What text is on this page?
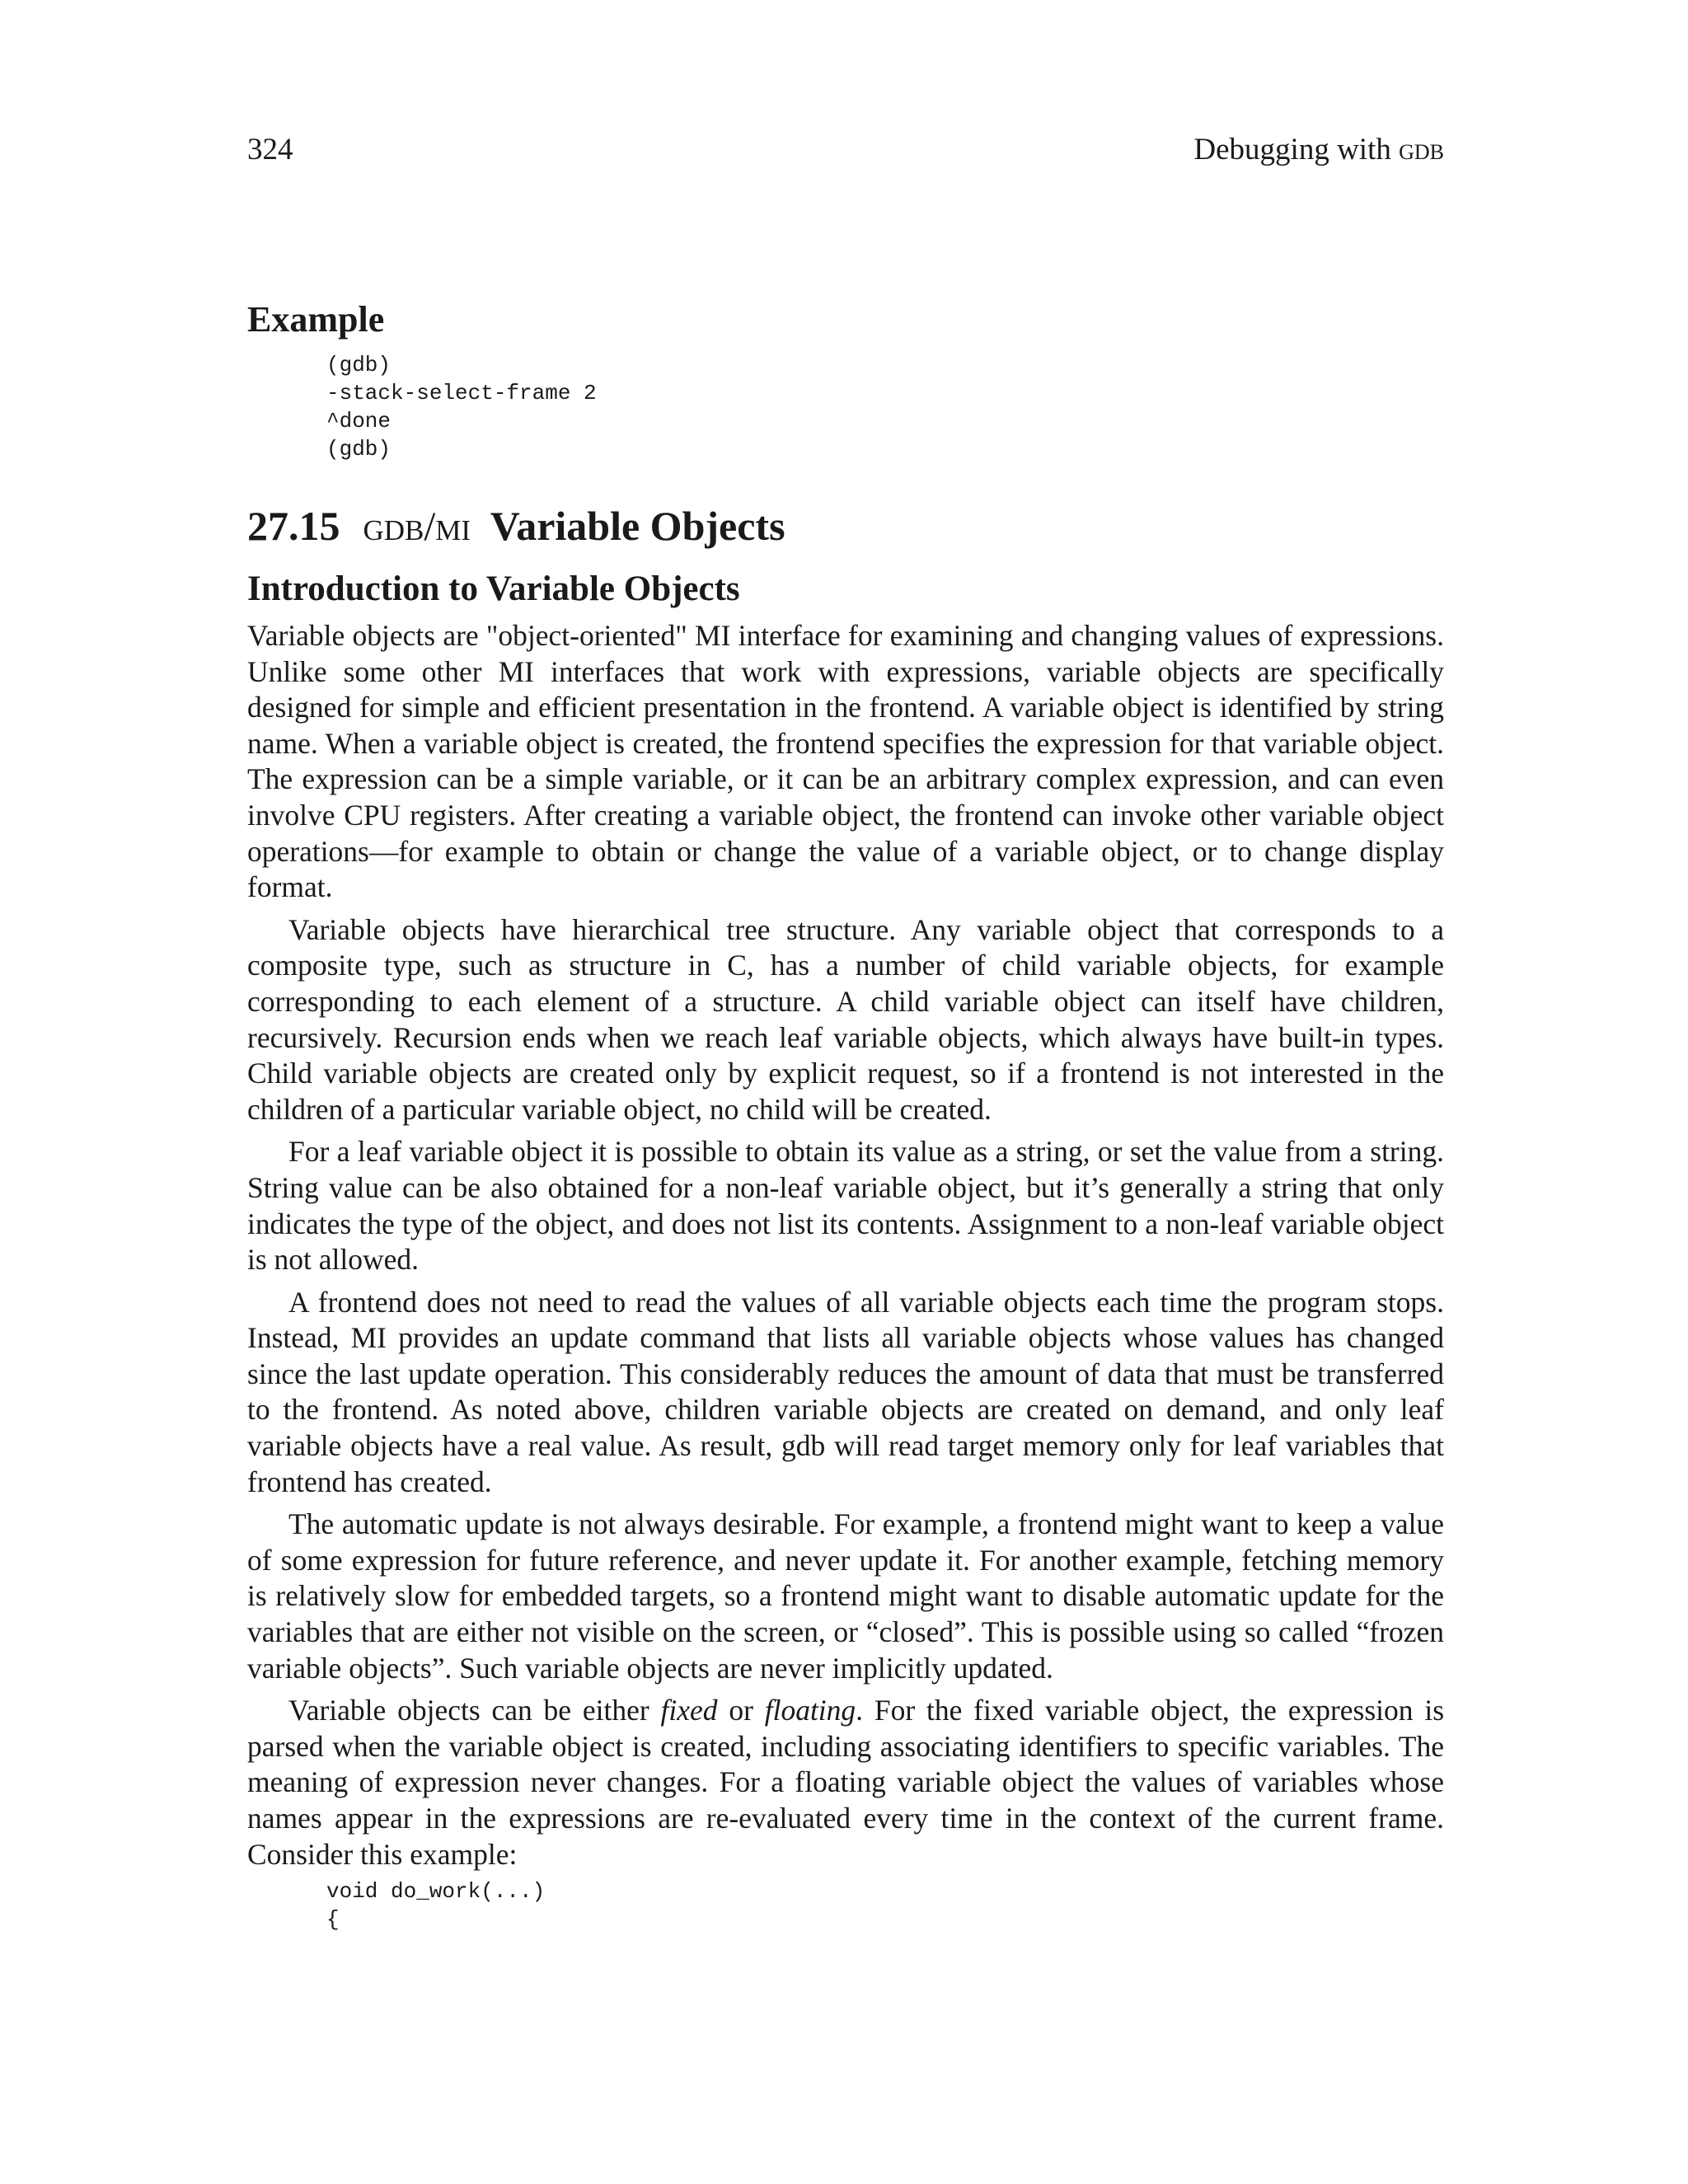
324	Debugging with gdb
Example
(gdb)
-stack-select-frame 2
^done
(gdb)
27.15 gdb/mi Variable Objects
Introduction to Variable Objects

Variable objects are "object-oriented" MI interface for examining and changing values of expressions. Unlike some other MI interfaces that work with expressions, variable objects are specifically designed for simple and efficient presentation in the frontend. A variable object is identified by string name. When a variable object is created, the frontend specifies the expression for that variable object. The expression can be a simple variable, or it can be an arbitrary complex expression, and can even involve CPU registers. After creating a variable object, the frontend can invoke other variable object operations—for example to obtain or change the value of a variable object, or to change display format.

Variable objects have hierarchical tree structure. Any variable object that corresponds to a composite type, such as structure in C, has a number of child variable objects, for example corresponding to each element of a structure. A child variable object can itself have children, recursively. Recursion ends when we reach leaf variable objects, which always have built-in types. Child variable objects are created only by explicit request, so if a frontend is not interested in the children of a particular variable object, no child will be created.

For a leaf variable object it is possible to obtain its value as a string, or set the value from a string. String value can be also obtained for a non-leaf variable object, but it’s generally a string that only indicates the type of the object, and does not list its contents. Assignment to a non-leaf variable object is not allowed.

A frontend does not need to read the values of all variable objects each time the program stops. Instead, MI provides an update command that lists all variable objects whose values has changed since the last update operation. This considerably reduces the amount of data that must be transferred to the frontend. As noted above, children variable objects are created on demand, and only leaf variable objects have a real value. As result, gdb will read target memory only for leaf variables that frontend has created.

The automatic update is not always desirable. For example, a frontend might want to keep a value of some expression for future reference, and never update it. For another example, fetching memory is relatively slow for embedded targets, so a frontend might want to disable automatic update for the variables that are either not visible on the screen, or “closed”. This is possible using so called “frozen variable objects”. Such variable objects are never implicitly updated.

Variable objects can be either fixed or floating. For the fixed variable object, the expression is parsed when the variable object is created, including associating identifiers to specific variables. The meaning of expression never changes. For a floating variable object the values of variables whose names appear in the expressions are re-evaluated every time in the context of the current frame. Consider this example:

void do_work(...)
{
